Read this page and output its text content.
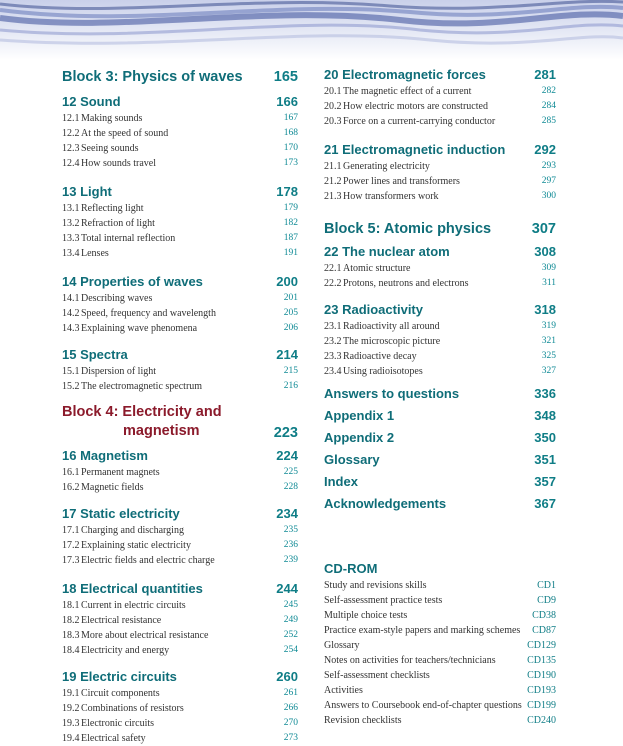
Block 3: Physics of waves	165
12 Sound	166
12.1 Making sounds	167
12.2 At the speed of sound	168
12.3 Seeing sounds	170
12.4 How sounds travel	173
13 Light	178
13.1 Reflecting light	179
13.2 Refraction of light	182
13.3 Total internal reflection	187
13.4 Lenses	191
14 Properties of waves	200
14.1 Describing waves	201
14.2 Speed, frequency and wavelength	205
14.3 Explaining wave phenomena	206
15 Spectra	214
15.1 Dispersion of light	215
15.2 The electromagnetic spectrum	216
Block 4: Electricity and
magnetism	223
16 Magnetism	224
16.1 Permanent magnets	225
16.2 Magnetic fields	228
17 Static electricity	234
17.1 Charging and discharging	235
17.2 Explaining static electricity	236
17.3 Electric fields and electric charge	239
18 Electrical quantities	244
18.1 Current in electric circuits	245
18.2 Electrical resistance	249
18.3 More about electrical resistance	252
18.4 Electricity and energy	254
19 Electric circuits	260
19.1 Circuit components	261
19.2 Combinations of resistors	266
19.3 Electronic circuits	270
19.4 Electrical safety	273
20 Electromagnetic forces	281
20.1 The magnetic effect of a current	282
20.2 How electric motors are constructed	284
20.3 Force on a current-carrying conductor	285
21 Electromagnetic induction 292
21.1 Generating electricity	293
21.2 Power lines and transformers	297
21.3 How transformers work	300
Block 5: Atomic physics	307
22 The nuclear atom	308
22.1 Atomic structure	309
22.2 Protons, neutrons and electrons	311
23 Radioactivity	318
23.1 Radioactivity all around	319
23.2 The microscopic picture	321
23.3 Radioactive decay	325
23.4 Using radioisotopes	327
Answers to questions	336
Appendix 1	348
Appendix 2	350
Glossary	351
Index	357
Acknowledgements	367
CD-ROM
Study and revisions skills	CD1
Self-assessment practice tests	CD9
Multiple choice tests	CD38
Practice exam-style papers and marking schemes CD87
Glossary	CD129
Notes on activities for teachers/technicians	CD135
Self-assessment checklists	CD190
Activities	CD193
Answers to Coursebook end-of-chapter questions CD199
Revision checklists	CD240
